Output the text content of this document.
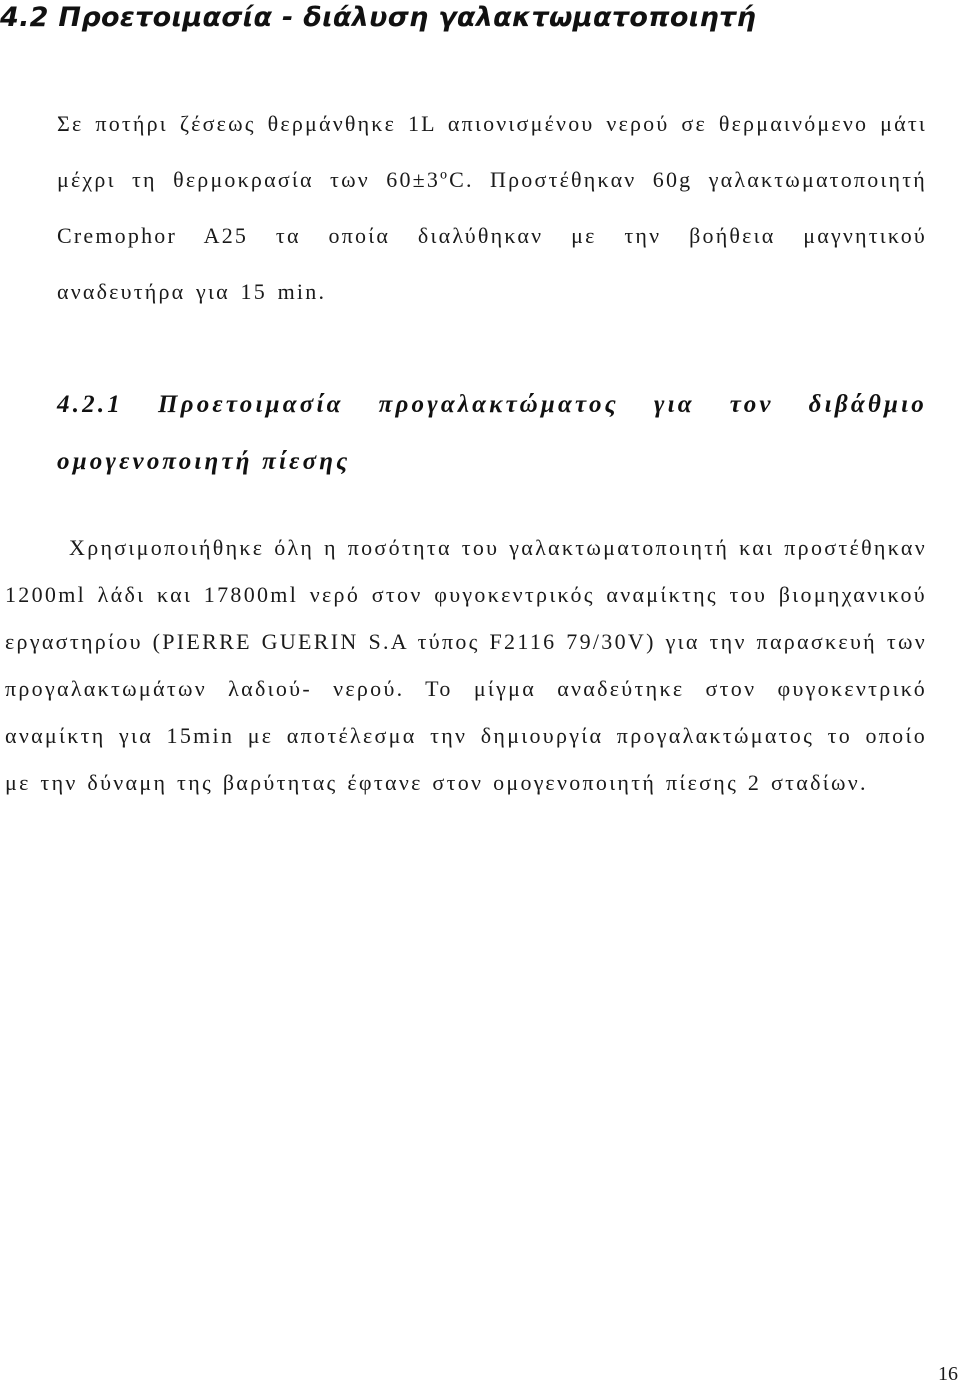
4.2 Προετοιμασία - διάλυση γαλακτωματοποιητή

Σε ποτήρι ζέσεως θερμάνθηκε 1L απιονισμένου νερού σε θερμαινόμενο μάτι μέχρι τη θερμοκρασία των 60±3ºC. Προστέθηκαν 60g γαλακτωματοποιητή Cremophor A25 τα οποία διαλύθηκαν με την βοήθεια μαγνητικού αναδευτήρα για 15 min.

4.2.1 Προετοιμασία προγαλακτώματος για τον διβάθμιο ομογενοποιητή πίεσης

Χρησιμοποιήθηκε όλη η ποσότητα του γαλακτωματοποιητή και προστέθηκαν 1200ml λάδι και 17800ml νερό στον φυγοκεντρικός αναμίκτης του βιομηχανικού εργαστηρίου (PIERRE GUERIN S.A τύπος F2116 79/30V) για την παρασκευή των προγαλακτωμάτων λαδιού- νερού. Το μίγμα αναδεύτηκε στον φυγοκεντρικό αναμίκτη για 15min με αποτέλεσμα την δημιουργία προγαλακτώματος το οποίο με την δύναμη της βαρύτητας έφτανε στον ομογενοποιητή πίεσης 2 σταδίων.

16
